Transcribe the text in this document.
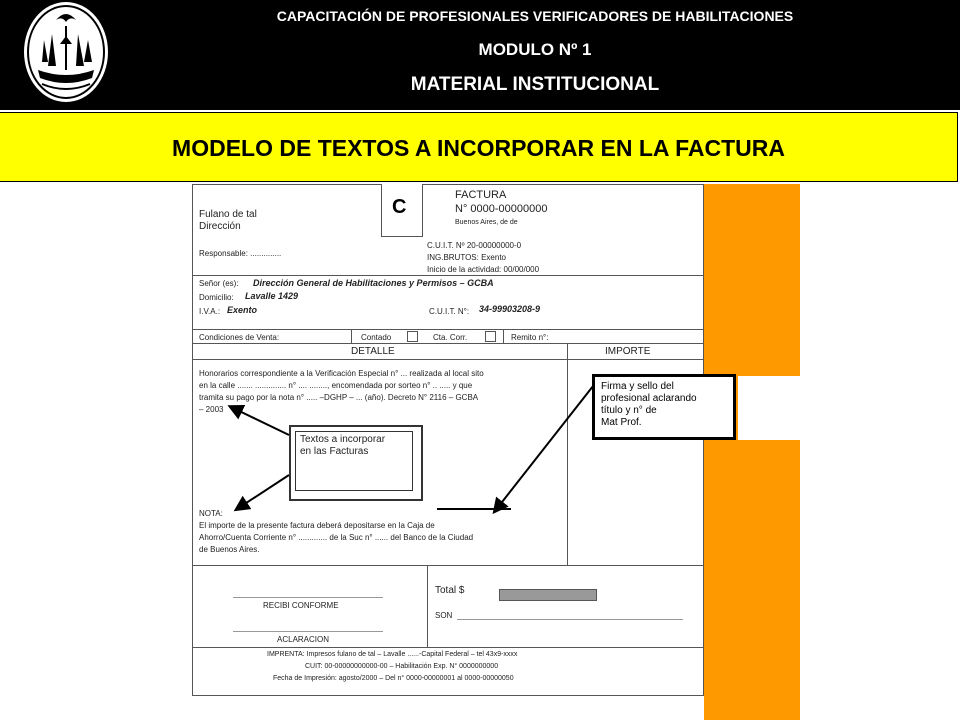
CAPACITACIÓN DE PROFESIONALES VERIFICADORES DE HABILITACIONES
MODULO Nº 1
MATERIAL INSTITUCIONAL
MODELO DE TEXTOS A INCORPORAR EN LA FACTURA
Fulano de tal
Dirección
Responsable: ..............
C
FACTURA
N° 0000-00000000
Buenos Aires, de de
C.U.I.T. Nº 20-00000000-0
ING.BRUTOS: Exento
Inicio de la actividad: 00/00/000
Señor (es): Dirección General de Habilitaciones y Permisos – GCBA
Domicilio: Lavalle 1429
I.V.A.: Exento	C.U.I.T. N°: 34-99903208-9
Condiciones de Venta:	Contado	Cta. Corr.	Remito n°:
DETALLE	IMPORTE
Honorarios correspondiente a la Verificación Especial n° ... realizada al local sito
en la calle ....... .............. n° .... ........, encomendada por sorteo n° .. ..... y que
tramita su pago por la nota n° ..... –DGHP – ... (año). Decreto N° 2116 – GCBA
– 2003
Textos a incorporar
en las Facturas
NOTA:
El importe de la presente factura deberá depositarse en la Caja de
Ahorro/Cuenta Corriente n° ............. de la Suc n° ...... del Banco de la Ciudad
de Buenos Aires.
Total $
SON
RECIBI CONFORME
ACLARACION
IMPRENTA: Impresos fulano de tal – Lavalle ......-Capital Federal – tel 43x9-xxxx
CUIT: 00-00000000000-00 – Habilitación Exp. N° 0000000000
Fecha de Impresión: agosto/2000 – Del n° 0000-00000001 al 0000-00000050
Firma y sello del
profesional aclarando
título y n° de
Mat Prof.
